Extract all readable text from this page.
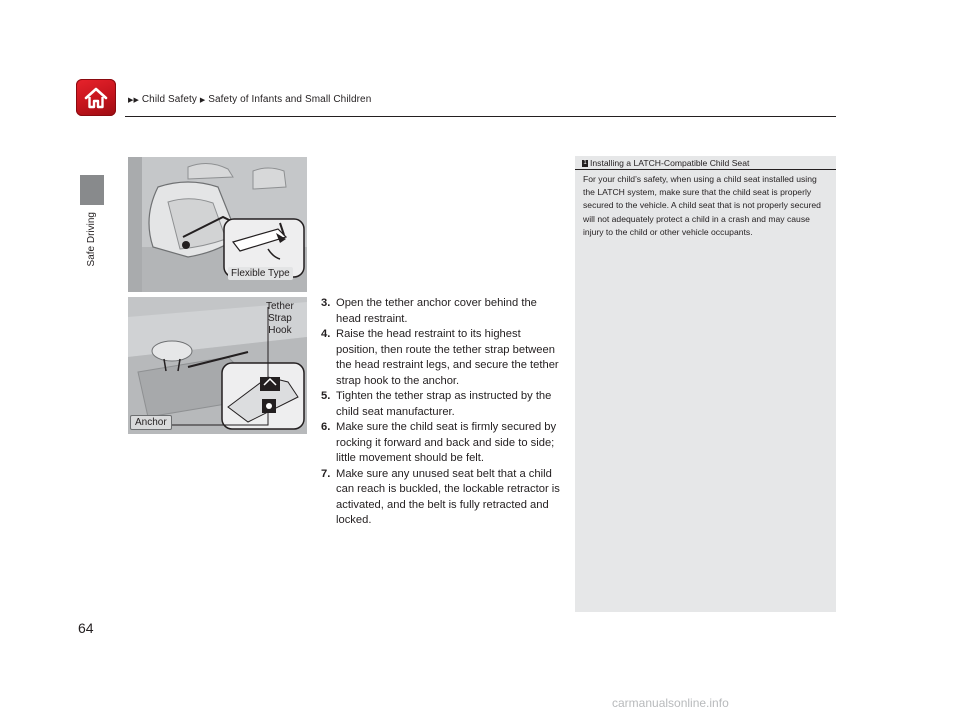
▶▶ Child Safety ▶ Safety of Infants and Small Children
Safe Driving
Flexible Type
Tether
Strap
Hook
Anchor

3. Open the tether anchor cover behind the head restraint.

4. Raise the head restraint to its highest position, then route the tether strap between the head restraint legs, and secure the tether strap hook to the anchor.

5. Tighten the tether strap as instructed by the child seat manufacturer.

6. Make sure the child seat is firmly secured by rocking it forward and back and side to side; little movement should be felt.

7. Make sure any unused seat belt that a child can reach is buckled, the lockable retractor is activated, and the belt is fully retracted and locked.

1 Installing a LATCH-Compatible Child Seat
For your child’s safety, when using a child seat installed using the LATCH system, make sure that the child seat is properly secured to the vehicle. A child seat that is not properly secured will not adequately protect a child in a crash and may cause injury to the child or other vehicle occupants.
64
carmanualsonline.info
